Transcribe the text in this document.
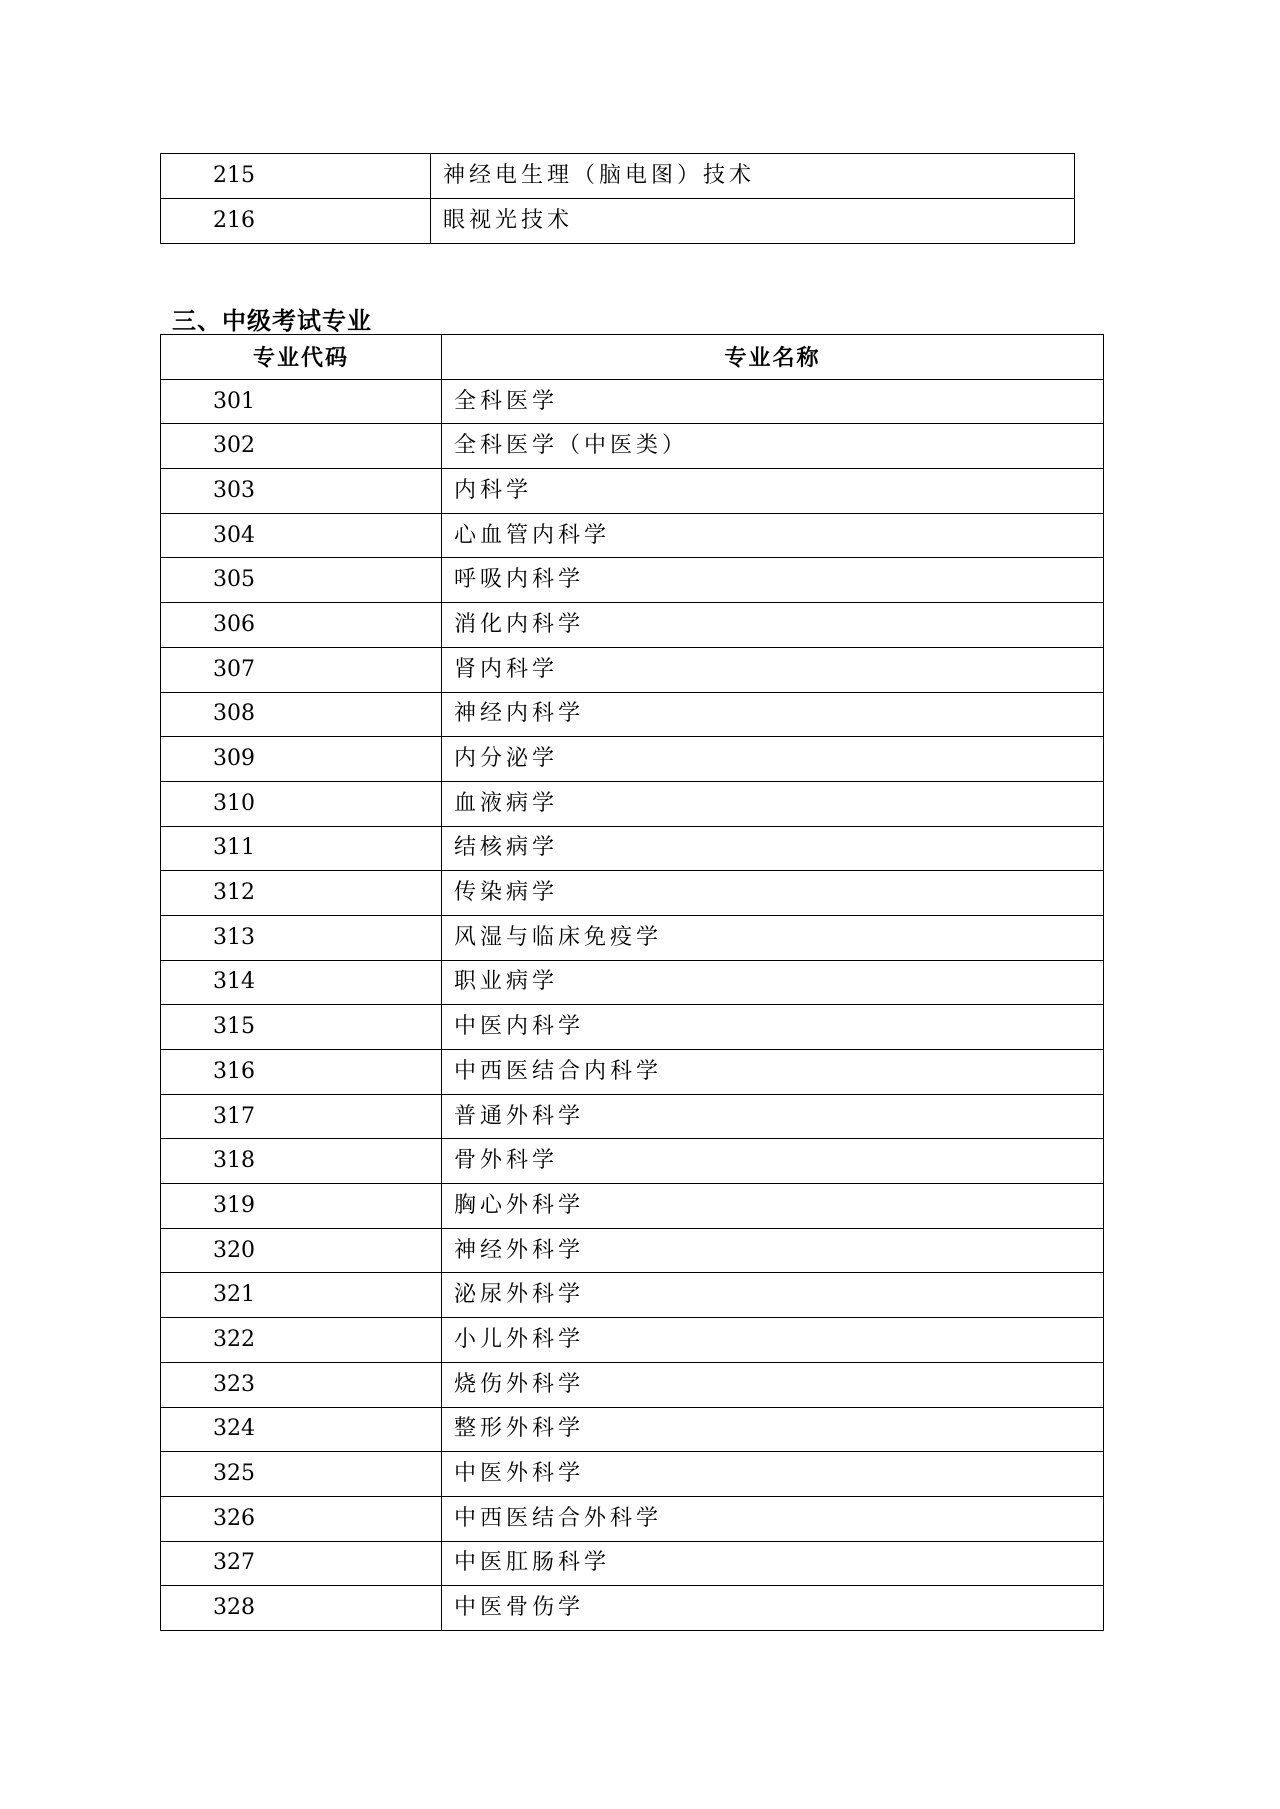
215	神经电生理（脑电图）技术
216	眼视光技术
三、中级考试专业
专业代码	专业名称
301	全科医学
302	全科医学（中医类）
303	内科学
304	心血管内科学
305	呼吸内科学
306	消化内科学
307	肾内科学
308	神经内科学
309	内分泌学
310	血液病学
311	结核病学
312	传染病学
313	风湿与临床免疫学
314	职业病学
315	中医内科学
316	中西医结合内科学
317	普通外科学
318	骨外科学
319	胸心外科学
320	神经外科学
321	泌尿外科学
322	小儿外科学
323	烧伤外科学
324	整形外科学
325	中医外科学
326	中西医结合外科学
327	中医肛肠科学
328	中医骨伤学
